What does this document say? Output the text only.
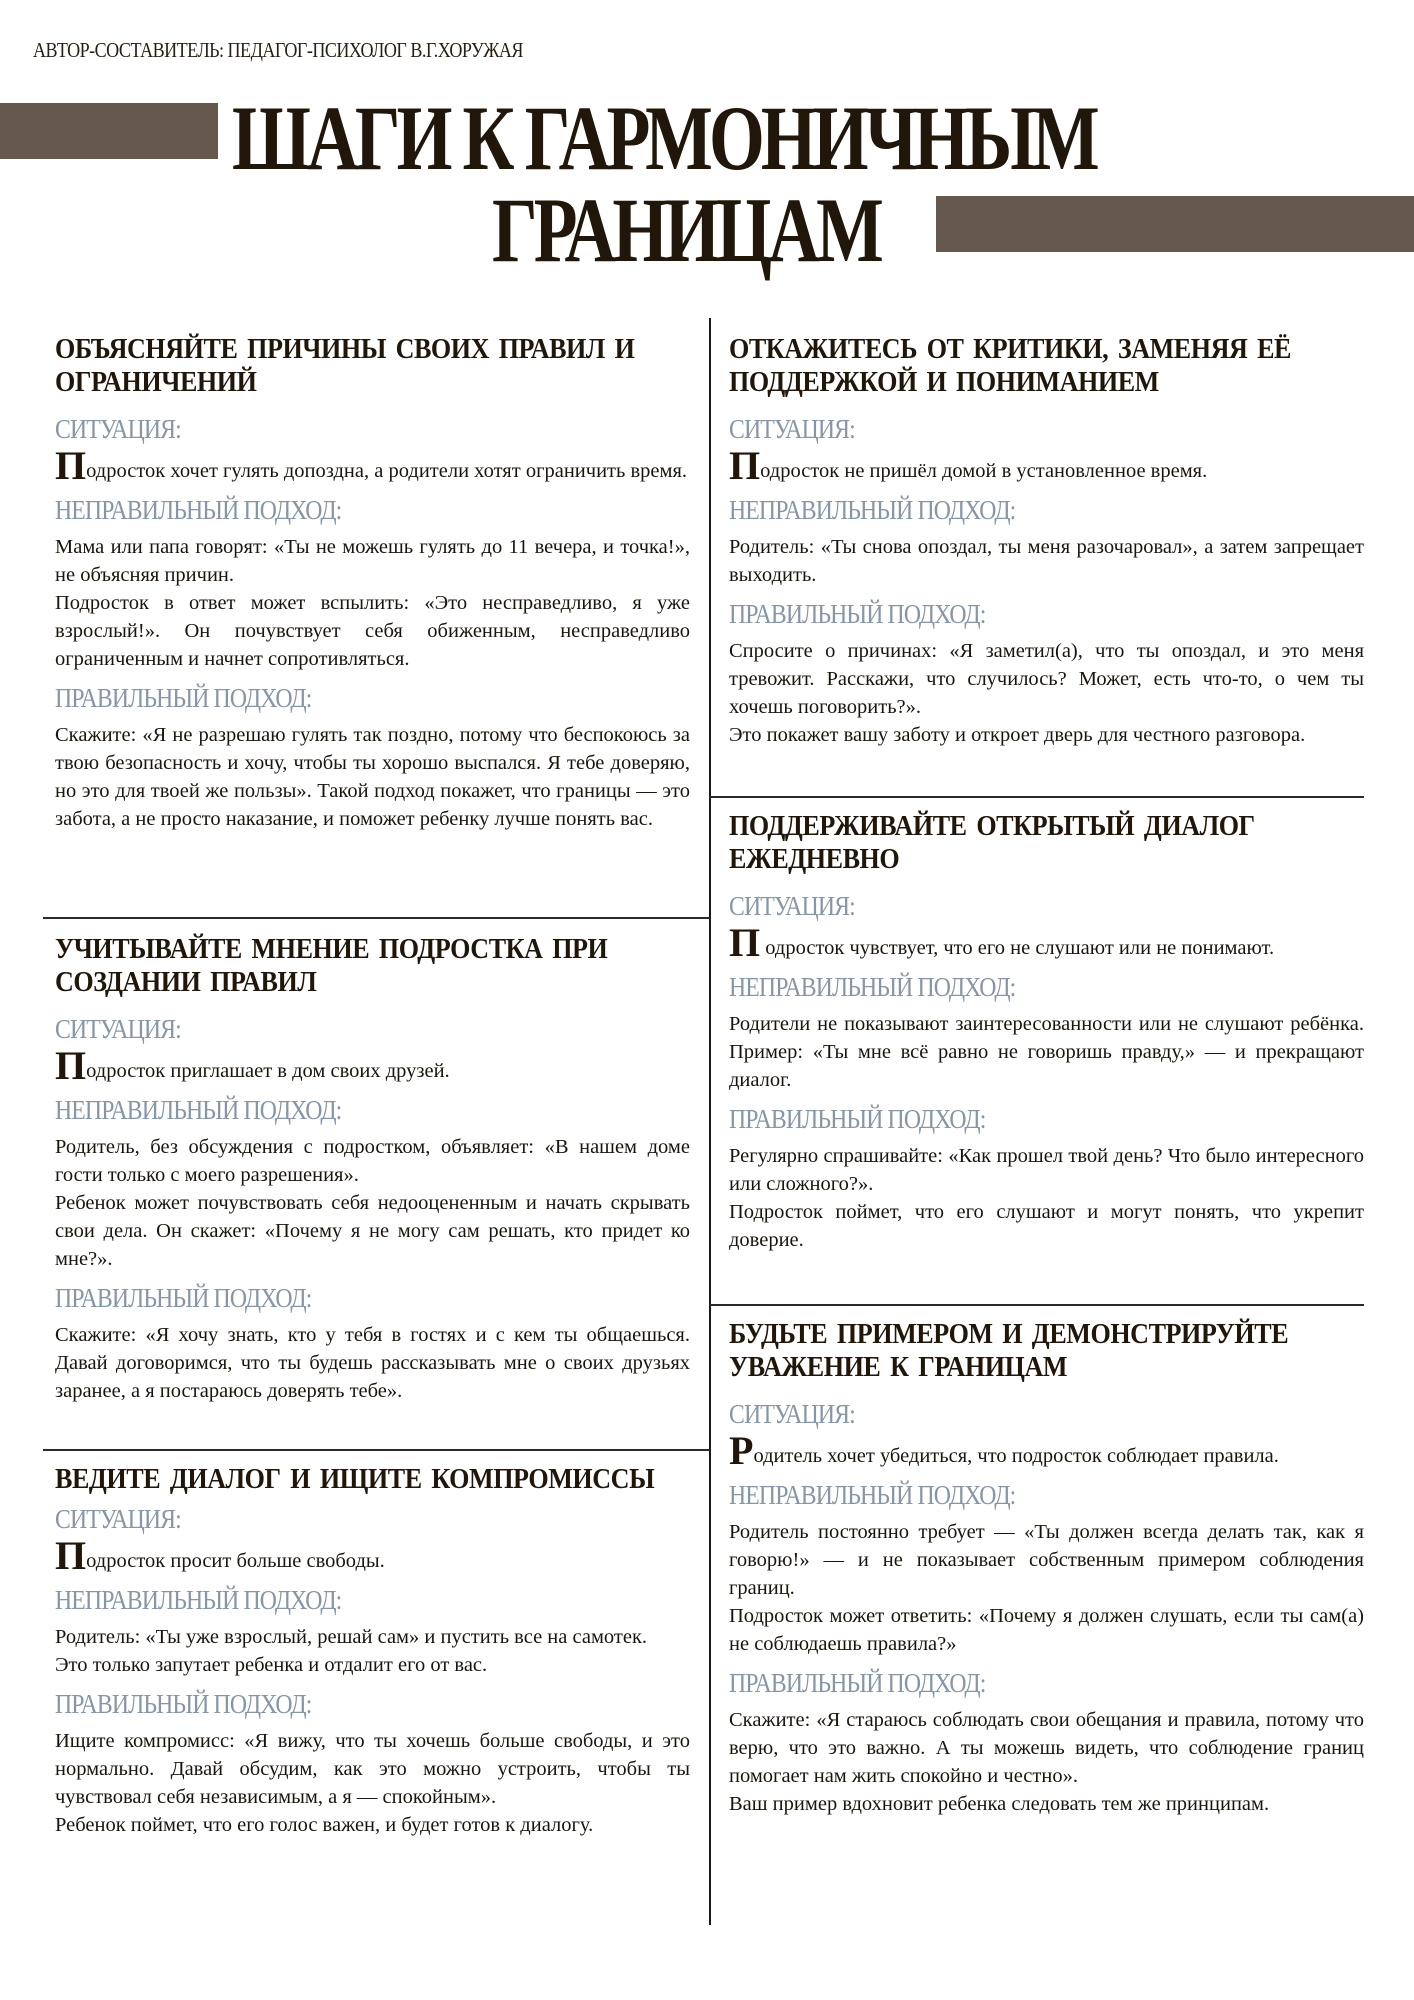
АВТОР-СОСТАВИТЕЛЬ: ПЕДАГОГ-ПСИХОЛОГ В.Г.ХОРУЖАЯ
ШАГИ К ГАРМОНИЧНЫМ
ГРАНИЦАМ
ОБЪЯСНЯЙТЕ ПРИЧИНЫ СВОИХ ПРАВИЛ И ОГРАНИЧЕНИЙ
СИТУАЦИЯ:
Подросток хочет гулять допоздна, а родители хотят ограничить время.
НЕПРАВИЛЬНЫЙ ПОДХОД:

Мама или папа говорят: «Ты не можешь гулять до 11 вечера, и точка!», не объясняя причин.

Подросток в ответ может вспылить: «Это несправедливо, я уже взрослый!». Он почувствует себя обиженным, несправедливо ограниченным и начнет сопротивляться.

ПРАВИЛЬНЫЙ ПОДХОД:

Скажите: «Я не разрешаю гулять так поздно, потому что беспокоюсь за твою безопасность и хочу, чтобы ты хорошо выспался. Я тебе доверяю, но это для твоей же пользы». Такой подход покажет, что границы — это забота, а не просто наказание, и поможет ребенку лучше понять вас.

УЧИТЫВАЙТЕ МНЕНИЕ ПОДРОСТКА ПРИ СОЗДАНИИ ПРАВИЛ
СИТУАЦИЯ:
Подросток приглашает в дом своих друзей.
НЕПРАВИЛЬНЫЙ ПОДХОД:

Родитель, без обсуждения с подростком, объявляет: «В нашем доме гости только с моего разрешения».

Ребенок может почувствовать себя недооцененным и начать скрывать свои дела. Он скажет: «Почему я не могу сам решать, кто придет ко мне?».

ПРАВИЛЬНЫЙ ПОДХОД:

Скажите: «Я хочу знать, кто у тебя в гостях и с кем ты общаешься. Давай договоримся, что ты будешь рассказывать мне о своих друзьях заранее, а я постараюсь доверять тебе».

ВЕДИТЕ ДИАЛОГ И ИЩИТЕ КОМПРОМИССЫ
СИТУАЦИЯ:
Подросток просит больше свободы.
НЕПРАВИЛЬНЫЙ ПОДХОД:

Родитель: «Ты уже взрослый, решай сам» и пустить все на самотек.

Это только запутает ребенка и отдалит его от вас.

ПРАВИЛЬНЫЙ ПОДХОД:

Ищите компромисс: «Я вижу, что ты хочешь больше свободы, и это нормально. Давай обсудим, как это можно устроить, чтобы ты чувствовал себя независимым, а я — спокойным».

Ребенок поймет, что его голос важен, и будет готов к диалогу.

ОТКАЖИТЕСЬ ОТ КРИТИКИ, ЗАМЕНЯЯ ЕЁ ПОДДЕРЖКОЙ И ПОНИМАНИЕМ
СИТУАЦИЯ:
Подросток не пришёл домой в установленное время.
НЕПРАВИЛЬНЫЙ ПОДХОД:

Родитель: «Ты снова опоздал, ты меня разочаровал», а затем запрещает выходить.

ПРАВИЛЬНЫЙ ПОДХОД:

Спросите о причинах: «Я заметил(а), что ты опоздал, и это меня тревожит. Расскажи, что случилось? Может, есть что-то, о чем ты хочешь поговорить?».

Это покажет вашу заботу и откроет дверь для честного разговора.

ПОДДЕРЖИВАЙТЕ ОТКРЫТЫЙ ДИАЛОГ ЕЖЕДНЕВНО
СИТУАЦИЯ:
П одросток чувствует, что его не слушают или не понимают.
НЕПРАВИЛЬНЫЙ ПОДХОД:

Родители не показывают заинтересованности или не слушают ребёнка. Пример: «Ты мне всё равно не говоришь правду,» — и прекращают диалог.

ПРАВИЛЬНЫЙ ПОДХОД:

Регулярно спрашивайте: «Как прошел твой день? Что было интересного или сложного?».

Подросток поймет, что его слушают и могут понять, что укрепит доверие.

БУДЬТЕ ПРИМЕРОМ И ДЕМОНСТРИРУЙТЕ УВАЖЕНИЕ К ГРАНИЦАМ
СИТУАЦИЯ:
Родитель хочет убедиться, что подросток соблюдает правила.
НЕПРАВИЛЬНЫЙ ПОДХОД:

Родитель постоянно требует — «Ты должен всегда делать так, как я говорю!» — и не показывает собственным примером соблюдения границ.

Подросток может ответить: «Почему я должен слушать, если ты сам(а) не соблюдаешь правила?»

ПРАВИЛЬНЫЙ ПОДХОД:

Скажите: «Я стараюсь соблюдать свои обещания и правила, потому что верю, что это важно. А ты можешь видеть, что соблюдение границ помогает нам жить спокойно и честно».

Ваш пример вдохновит ребенка следовать тем же принципам.
